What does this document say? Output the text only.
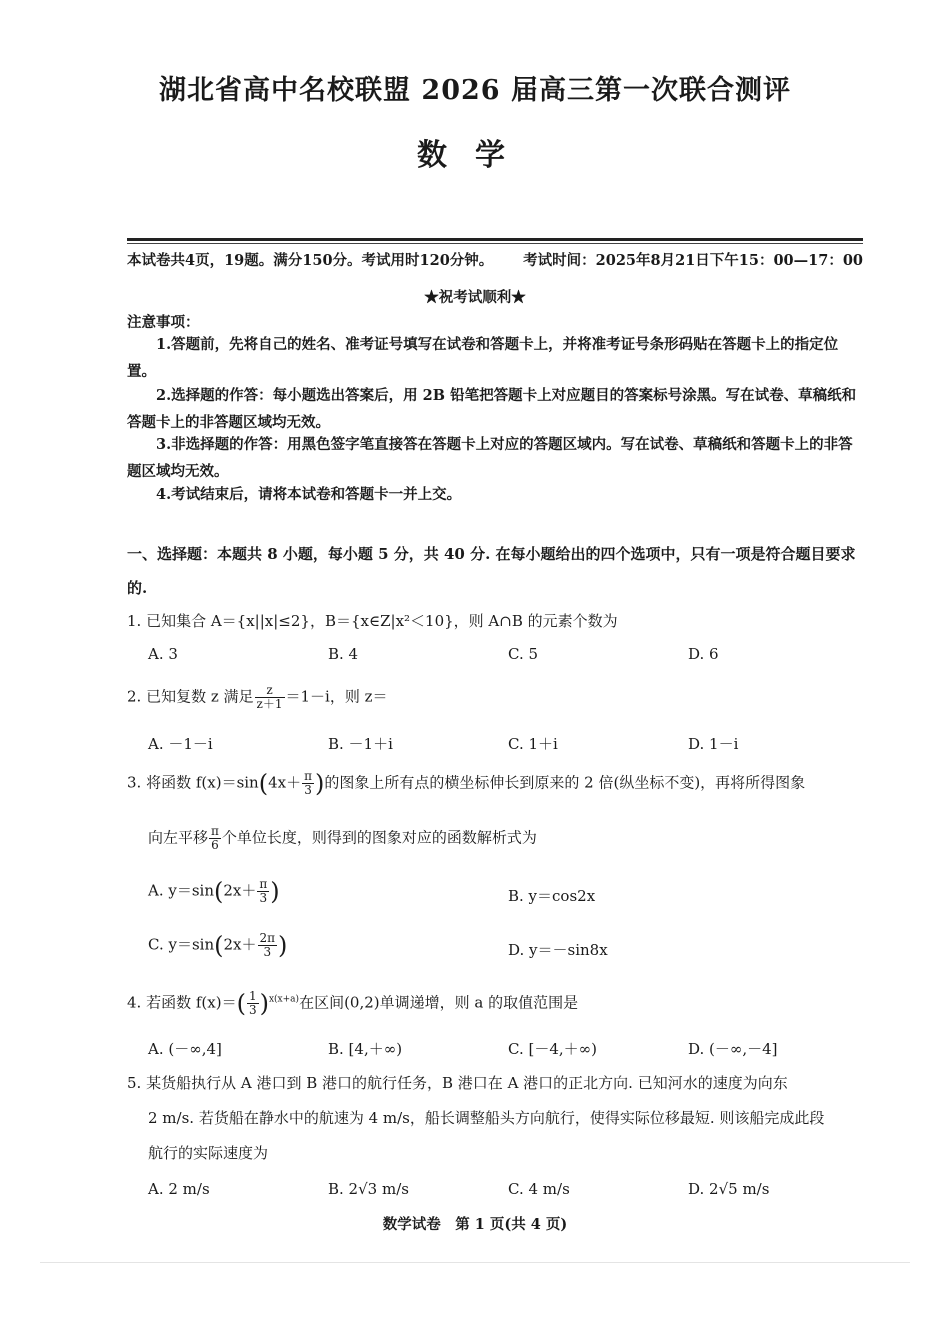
湖北省高中名校联盟 2026 届高三第一次联合测评
数学
本试卷共4页，19题。满分150分。考试用时120分钟。 考试时间：2025年8月21日下午15：00—17：00
★祝考试顺利★
注意事项：
1.答题前，先将自己的姓名、准考证号填写在试卷和答题卡上，并将准考证号条形码贴在答题卡上的指定位置。
2.选择题的作答：每小题选出答案后，用 2B 铅笔把答题卡上对应题目的答案标号涂黑。写在试卷、草稿纸和答题卡上的非答题区域均无效。
3.非选择题的作答：用黑色签字笔直接答在答题卡上对应的答题区域内。写在试卷、草稿纸和答题卡上的非答题区域均无效。
4.考试结束后，请将本试卷和答题卡一并上交。
一、选择题：本题共 8 小题，每小题 5 分，共 40 分. 在每小题给出的四个选项中，只有一项是符合题目要求的.
1. 已知集合 A＝{x||x|≤2}，B＝{x∈Z|x²＜10}，则 A∩B 的元素个数为
A. 3	B. 4	C. 5	D. 6
2. 已知复数 z 满足 $\frac{z}{z+1} =1-i$，则 z＝
A. －1－i	B. －1＋i	C. 1＋i	D. 1－i
3. 将函数 $f(x)=\sin(4x+ \frac{\pi}{3}$ )的图象上所有点的横坐标伸长到原来的 2 倍(纵坐标不变)，再将所得图象
向左平移 $\frac{\pi}{6}$ 个单位长度，则得到的图象对应的函数解析式为
A. $y=\sin(2x+ \frac{\pi}{3}$ )	B. y＝cos2x
C. $y=\sin(2x+ \frac{2\pi}{3}$ )	D. y＝－sin8x
4. 若函数 $f(x)=( \frac{1}{3} )^{x(x+a)}$在区间(0,2)单调递增，则 a 的取值范围是
A. (－∞,4]	B. [4,＋∞)	C. [－4,＋∞)	D. (－∞,－4]
5. 某货船执行从 A 港口到 B 港口的航行任务，B 港口在 A 港口的正北方向. 已知河水的速度为向东
2 m/s. 若货船在静水中的航速为 4 m/s，船长调整船头方向航行，使得实际位移最短. 则该船完成此段
航行的实际速度为
A. 2 m/s	B. 2√3 m/s	C. 4 m/s	D. 2√5 m/s
数学试卷　第 1 页(共 4 页)
